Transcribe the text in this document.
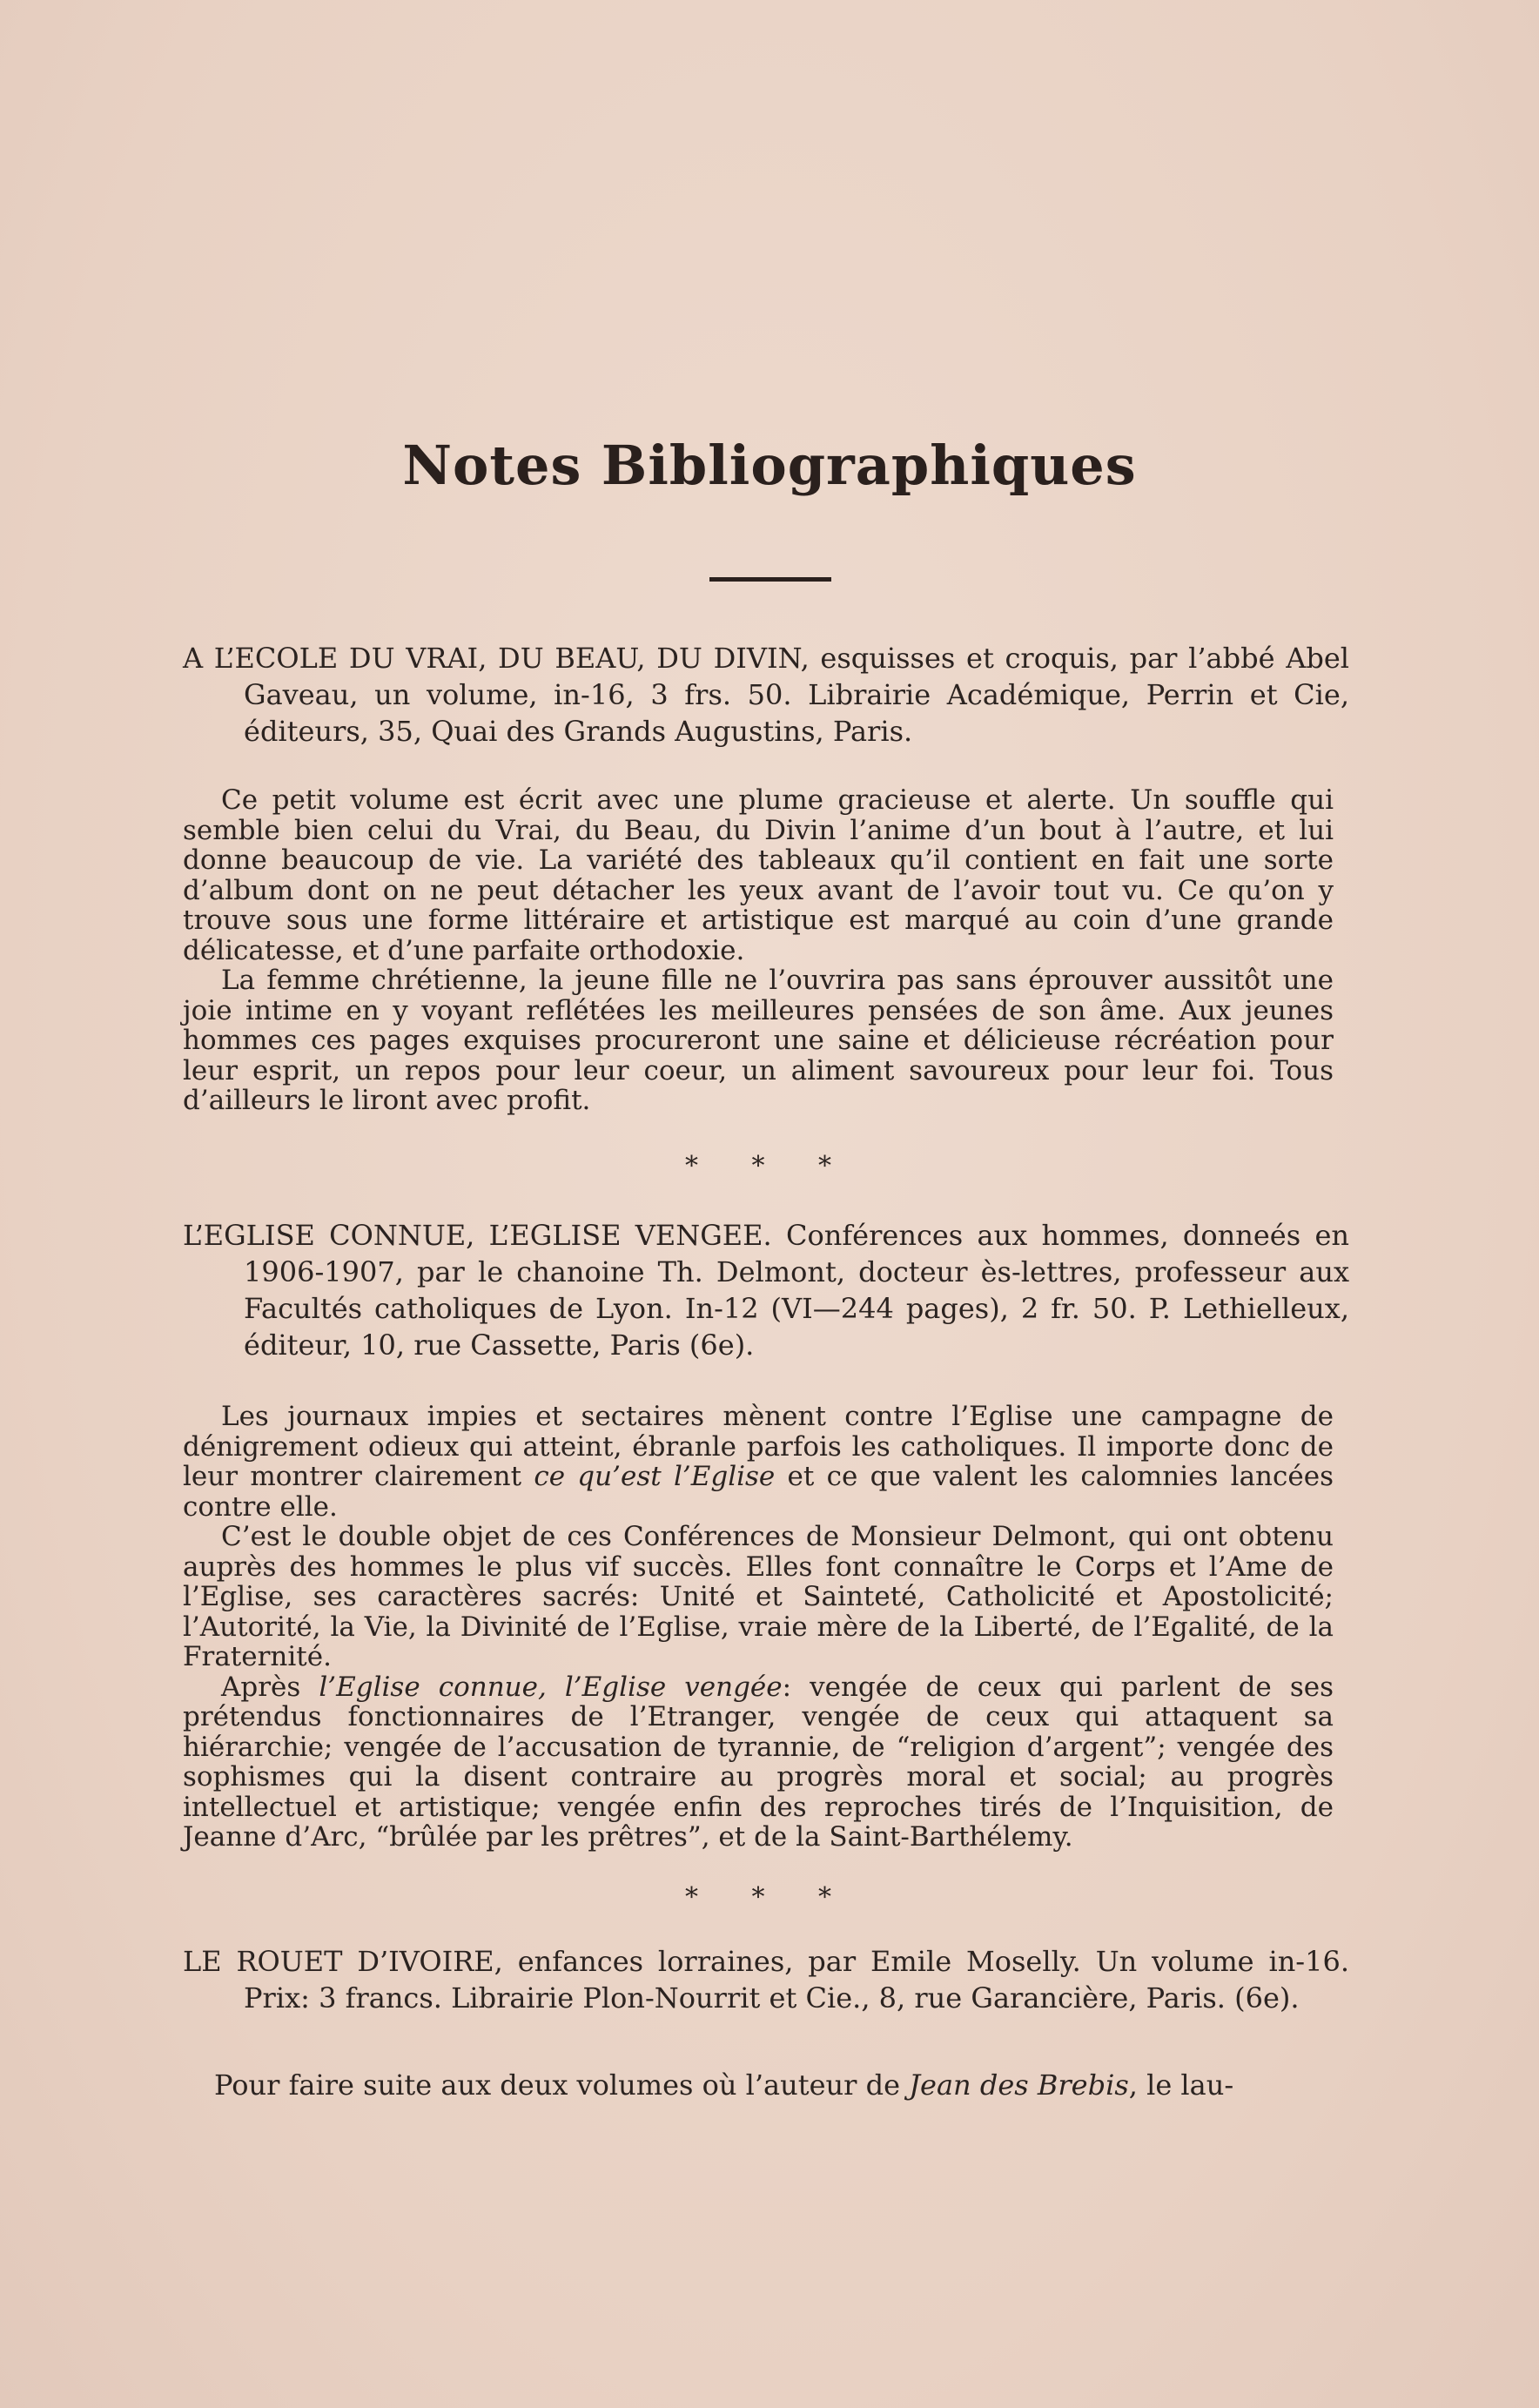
Notes Bibliographiques
A L’ECOLE DU VRAI, DU BEAU, DU DIVIN, esquisses et croquis, par l’abbé Abel Gaveau, un volume, in-16, 3 frs. 50. Librairie Académique, Perrin et Cie, éditeurs, 35, Quai des Grands Augustins, Paris.

Ce petit volume est écrit avec une plume gracieuse et alerte. Un souffle qui semble bien celui du Vrai, du Beau, du Divin l’anime d’un bout à l’autre, et lui donne beaucoup de vie. La variété des tableaux qu’il contient en fait une sorte d’album dont on ne peut détacher les yeux avant de l’avoir tout vu. Ce qu’on y trouve sous une forme littéraire et artistique est marqué au coin d’une grande délicatesse, et d’une parfaite orthodoxie.

La femme chrétienne, la jeune fille ne l’ouvrira pas sans éprouver aussitôt une joie intime en y voyant reflétées les meilleures pensées de son âme. Aux jeunes hommes ces pages exquises procureront une saine et délicieuse récréation pour leur esprit, un repos pour leur coeur, un aliment savoureux pour leur foi. Tous d’ailleurs le liront avec profit.

* * *
L’EGLISE CONNUE, L’EGLISE VENGEE. Conférences aux hommes, donneés en 1906-1907, par le chanoine Th. Delmont, docteur ès-lettres, professeur aux Facultés catholiques de Lyon. In-12 (VI—244 pages), 2 fr. 50. P. Lethielleux, éditeur, 10, rue Cassette, Paris (6e).

Les journaux impies et sectaires mènent contre l’Eglise une campagne de dénigrement odieux qui atteint, ébranle parfois les catholiques. Il importe donc de leur montrer clairement ce qu’est l’Eglise et ce que valent les calomnies lancées contre elle.

C’est le double objet de ces Conférences de Monsieur Delmont, qui ont obtenu auprès des hommes le plus vif succès. Elles font connaître le Corps et l’Ame de l’Eglise, ses caractères sacrés: Unité et Sainteté, Catholicité et Apostolicité; l’Autorité, la Vie, la Divinité de l’Eglise, vraie mère de la Liberté, de l’Egalité, de la Fraternité.

Après l’Eglise connue, l’Eglise vengée: vengée de ceux qui parlent de ses prétendus fonctionnaires de l’Etranger, vengée de ceux qui attaquent sa hiérarchie; vengée de l’accusation de tyrannie, de “religion d’argent”; vengée des sophismes qui la disent contraire au progrès moral et social; au progrès intellectuel et artistique; vengée enfin des reproches tirés de l’Inquisition, de Jeanne d’Arc, “brûlée par les prêtres”, et de la Saint-Barthélemy.

* * *
LE ROUET D’IVOIRE, enfances lorraines, par Emile Moselly. Un volume in-16. Prix: 3 francs. Librairie Plon-Nourrit et Cie., 8, rue Garancière, Paris. (6e).
Pour faire suite aux deux volumes où l’auteur de Jean des Brebis, le lau-
